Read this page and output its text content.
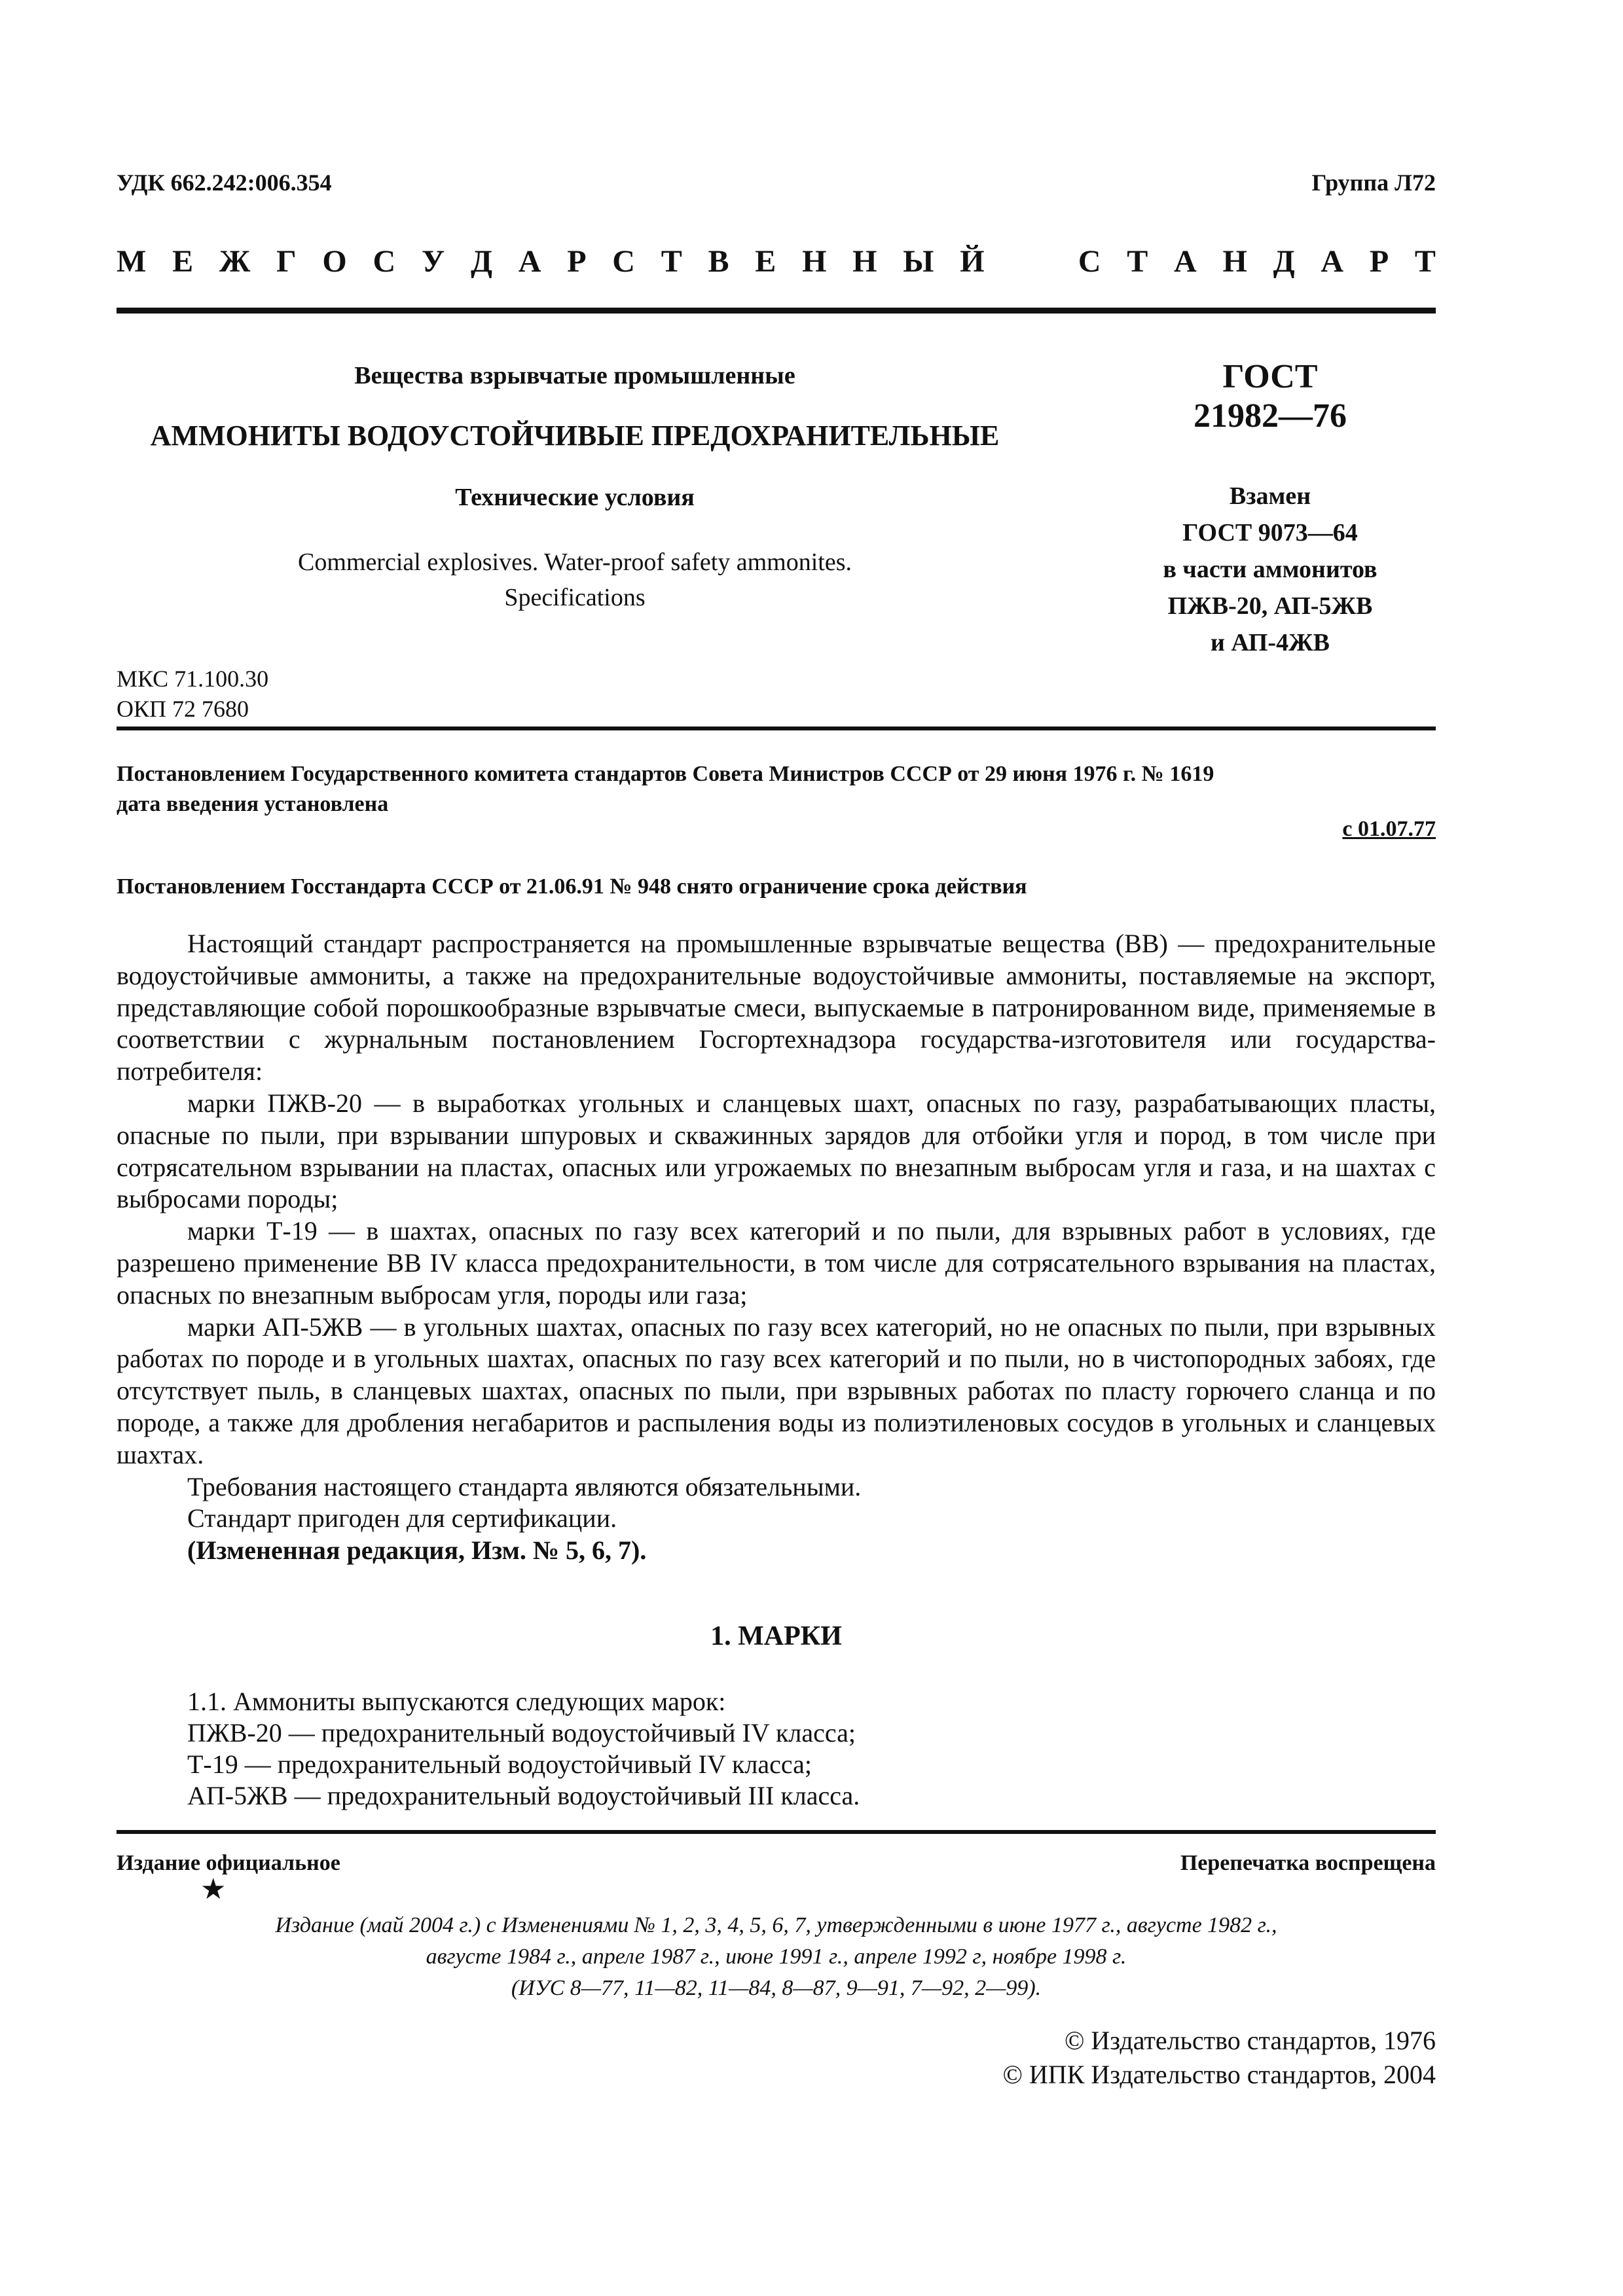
УДК 662.242:006.354	Группа Л72
М Е Ж Г О С У Д А Р С Т В Е Н Н Ы Й

	С Т А Н Д А Р Т
Вещества взрывчатые промышленные
АММОНИТЫ ВОДОУСТОЙЧИВЫЕ ПРЕДОХРАНИТЕЛЬНЫЕ
Технические условия
Commercial explosives. Water-proof safety ammonites.
Specifications
ГОСТ
21982—76
Взамен
ГОСТ 9073—64
в части аммонитов
ПЖВ-20, АП-5ЖВ
и АП-4ЖВ
МКС 71.100.30
ОКП 72 7680
Постановлением Государственного комитета стандартов Совета Министров СССР от 29 июня 1976 г. № 1619
дата введения установлена
с 01.07.77
Постановлением Госстандарта СССР от 21.06.91 № 948 снято ограничение срока действия

Настоящий стандарт распространяется на промышленные взрывчатые вещества (ВВ) — предохранительные водоустойчивые аммониты, а также на предохранительные водоустойчивые аммониты, поставляемые на экспорт, представляющие собой порошкообразные взрывчатые смеси, выпускаемые в патронированном виде, применяемые в соответствии с журнальным постановлением Госгортехнадзора государства-изготовителя или государства-потребителя:

марки ПЖВ-20 — в выработках угольных и сланцевых шахт, опасных по газу, разрабатывающих пласты, опасные по пыли, при взрывании шпуровых и скважинных зарядов для отбойки угля и пород, в том числе при сотрясательном взрывании на пластах, опасных или угрожаемых по внезапным выбросам угля и газа, и на шахтах с выбросами породы;

марки Т-19 — в шахтах, опасных по газу всех категорий и по пыли, для взрывных работ в условиях, где разрешено применение ВВ IV класса предохранительности, в том числе для сотрясательного взрывания на пластах, опасных по внезапным выбросам угля, породы или газа;

марки АП-5ЖВ — в угольных шахтах, опасных по газу всех категорий, но не опасных по пыли, при взрывных работах по породе и в угольных шахтах, опасных по газу всех категорий и по пыли, но в чистопородных забоях, где отсутствует пыль, в сланцевых шахтах, опасных по пыли, при взрывных работах по пласту горючего сланца и по породе, а также для дробления негабаритов и распыления воды из полиэтиленовых сосудов в угольных и сланцевых шахтах.

Требования настоящего стандарта являются обязательными.

Стандарт пригоден для сертификации.

(Измененная редакция, Изм. № 5, 6, 7).

1. МАРКИ
1.1. Аммониты выпускаются следующих марок:
ПЖВ-20 — предохранительный водоустойчивый IV класса;
Т-19 — предохранительный водоустойчивый IV класса;
АП-5ЖВ — предохранительный водоустойчивый III класса.
Издание официальное	Перепечатка воспрещена
★
Издание (май 2004 г.) с Изменениями № 1, 2, 3, 4, 5, 6, 7, утвержденными в июне 1977 г., августе 1982 г.,
августе 1984 г., апреле 1987 г., июне 1991 г., апреле 1992 г, ноябре 1998 г.
(ИУС 8—77, 11—82, 11—84, 8—87, 9—91, 7—92, 2—99).
© Издательство стандартов, 1976
© ИПК Издательство стандартов, 2004
